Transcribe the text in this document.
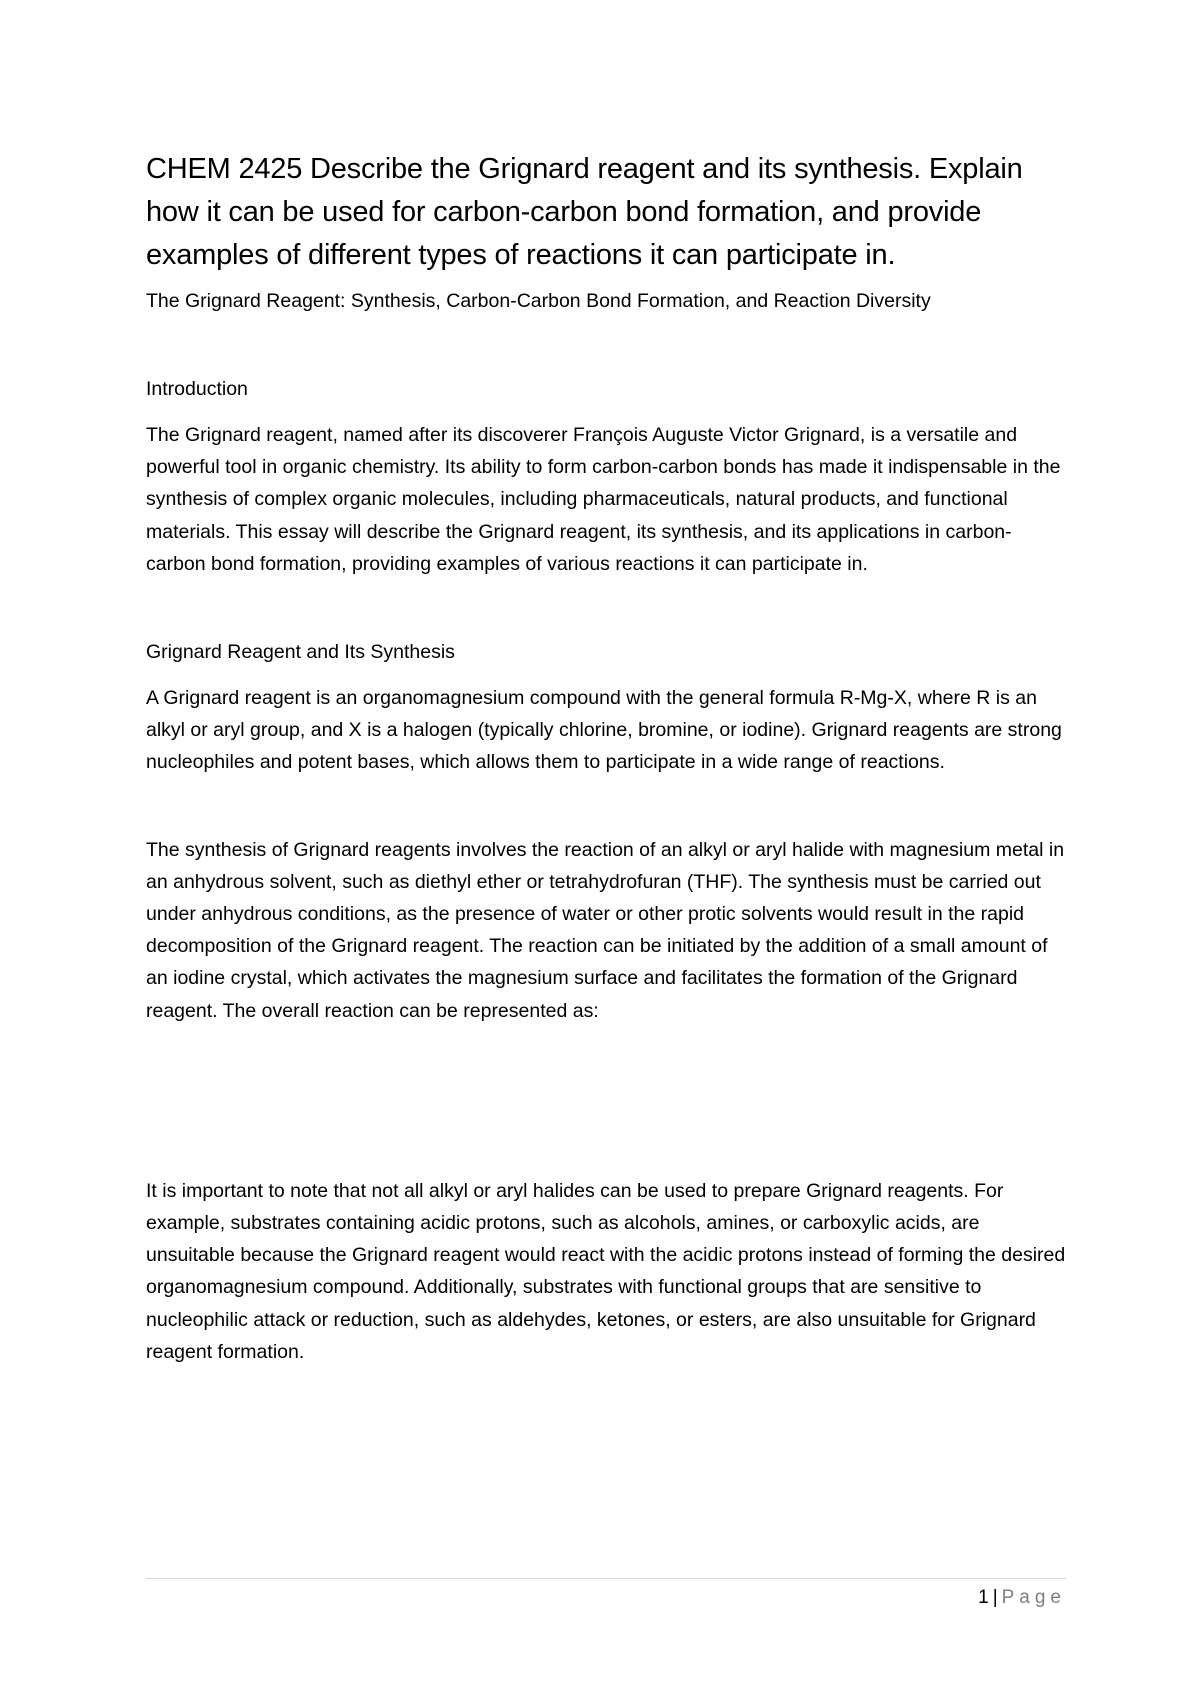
CHEM 2425 Describe the Grignard reagent and its synthesis. Explain how it can be used for carbon-carbon bond formation, and provide examples of different types of reactions it can participate in.

The Grignard Reagent: Synthesis, Carbon-Carbon Bond Formation, and Reaction Diversity

Introduction

The Grignard reagent, named after its discoverer François Auguste Victor Grignard, is a versatile and powerful tool in organic chemistry. Its ability to form carbon-carbon bonds has made it indispensable in the synthesis of complex organic molecules, including pharmaceuticals, natural products, and functional materials. This essay will describe the Grignard reagent, its synthesis, and its applications in carbon-carbon bond formation, providing examples of various reactions it can participate in.

Grignard Reagent and Its Synthesis

A Grignard reagent is an organomagnesium compound with the general formula R-Mg-X, where R is an alkyl or aryl group, and X is a halogen (typically chlorine, bromine, or iodine). Grignard reagents are strong nucleophiles and potent bases, which allows them to participate in a wide range of reactions.

The synthesis of Grignard reagents involves the reaction of an alkyl or aryl halide with magnesium metal in an anhydrous solvent, such as diethyl ether or tetrahydrofuran (THF). The synthesis must be carried out under anhydrous conditions, as the presence of water or other protic solvents would result in the rapid decomposition of the Grignard reagent. The reaction can be initiated by the addition of a small amount of an iodine crystal, which activates the magnesium surface and facilitates the formation of the Grignard reagent. The overall reaction can be represented as:

It is important to note that not all alkyl or aryl halides can be used to prepare Grignard reagents. For example, substrates containing acidic protons, such as alcohols, amines, or carboxylic acids, are unsuitable because the Grignard reagent would react with the acidic protons instead of forming the desired organomagnesium compound. Additionally, substrates with functional groups that are sensitive to nucleophilic attack or reduction, such as aldehydes, ketones, or esters, are also unsuitable for Grignard reagent formation.

1 | Page
